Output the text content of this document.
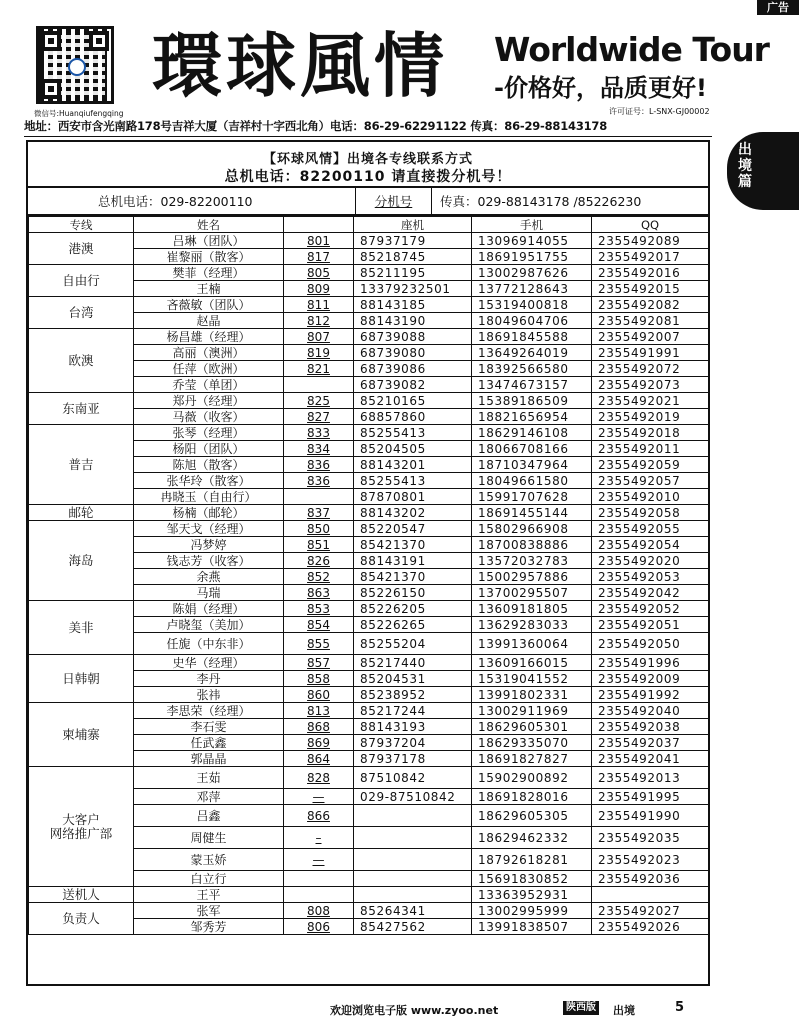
广告
微信号:Huanqiufengqing
環球風情 Worldwide Tour
-价格好，品质更好!
许可证号：L-SNX-GJ00002
地址：西安市含光南路178号吉祥大厦（吉祥村十字西北角）电话：86-29-62291122 传真：86-29-88143178
出
境
篇
【环球风情】出境各专线联系方式
总机电话：82200110 请直接拨分机号！
总机电话：029-82200110	分机号	传真：029-88143178 /85226230
专线	姓名		座机	手机	QQ
港澳	吕琳（团队）	801	87937179	13096914055	2355492089
	崔黎丽（散客）	817	85218745	18691951755	2355492017
自由行	樊菲（经理）	805	85211195	13002987626	2355492016
	王楠	809	13379232501	13772128643	2355492015
台湾	吝薇敏（团队）	811	88143185	15319400818	2355492082
	赵晶	812	88143190	18049604706	2355492081
欧澳	杨昌雄（经理）	807	68739088	18691845588	2355492007
	高丽（澳洲）	819	68739080	13649264019	2355491991
	任萍（欧洲）	821	68739086	18392566580	2355492072
	乔莹（单团）		68739082	13474673157	2355492073
东南亚	郑丹（经理）	825	85210165	15389186509	2355492021
	马薇（收客）	827	68857860	18821656954	2355492019
普吉	张琴（经理）	833	85255413	18629146108	2355492018
	杨阳（团队）	834	85204505	18066708166	2355492011
	陈旭（散客）	836	88143201	18710347964	2355492059
	张华玲（散客）	836	85255413	18049661580	2355492057
	冉晓玉（自由行）		87870801	15991707628	2355492010
邮轮	杨楠（邮轮）	837	88143202	18691455144	2355492058
海岛	邹天戈（经理）	850	85220547	15802966908	2355492055
	冯梦婷	851	85421370	18700838886	2355492054
	钱志芳（收客）	826	88143191	13572032783	2355492020
	余燕	852	85421370	15002957886	2355492053
	马瑞	863	85226150	13700295507	2355492042
美非	陈娟（经理）	853	85226205	13609181805	2355492052
	卢晓玺（美加）	854	85226265	13629283033	2355492051
	任旎（中东非）	855	85255204	13991360064	2355492050
日韩朝	史华（经理）	857	85217440	13609166015	2355491996
	李丹	858	85204531	15319041552	2355492009
	张祎	860	85238952	13991802331	2355491992
柬埔寨	李思荣（经理）	813	85217244	13002911969	2355492040
	李石雯	868	88143193	18629605301	2355492038
	任武鑫	869	87937204	18629335070	2355492037
	郭晶晶	864	87937178	18691827827	2355492041
大客户
网络推广部	王茹	828	87510842	15902900892	2355492013
	邓萍	—	029-87510842	18691828016	2355491995
	吕鑫	866		18629605305	2355491990
	周健生	–		18629462332	2355492035
	蒙玉娇	—		18792618281	2355492023
	白立行			15691830852	2355492036
送机人	王平			13363952931	
负责人	张军	808	85264341	13002995999	2355492027
	邹秀芳	806	85427562	13991838507	2355492026
欢迎浏览电子版 www.zyoo.net	陕西版 出境	5
